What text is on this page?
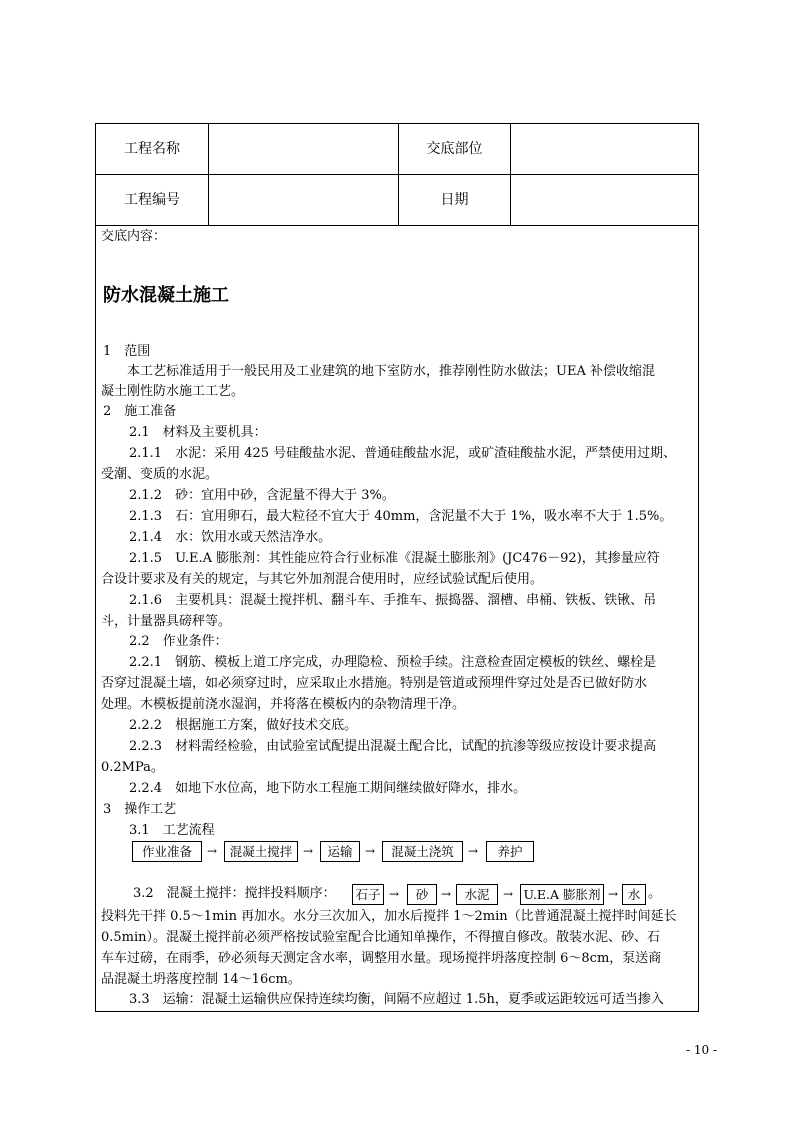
工程名称	交底部位
工程编号	日期
交底内容：
防水混凝土施工
1　范围
本工艺标准适用于一般民用及工业建筑的地下室防水，推荐刚性防水做法；UEA 补偿收缩混
凝土刚性防水施工工艺。
2　施工准备
2.1　材料及主要机具：
2.1.1　水泥：采用 425 号硅酸盐水泥、普通硅酸盐水泥，或矿渣硅酸盐水泥，严禁使用过期、
受潮、变质的水泥。
2.1.2　砂：宜用中砂，含泥量不得大于 3%。
2.1.3　石：宜用卵石，最大粒径不宜大于 40mm，含泥量不大于 1%，吸水率不大于 1.5%。
2.1.4　水：饮用水或天然洁净水。
2.1.5　U.E.A 膨胀剂：其性能应符合行业标准《混凝土膨胀剂》(JC476－92)，其掺量应符
合设计要求及有关的规定，与其它外加剂混合使用时，应经试验试配后使用。
2.1.6　主要机具：混凝土搅拌机、翻斗车、手推车、振捣器、溜槽、串桶、铁板、铁锹、吊
斗，计量器具磅秤等。
2.2　作业条件：
2.2.1　钢筋、模板上道工序完成，办理隐检、预检手续。注意检查固定模板的铁丝、螺栓是
否穿过混凝土墙，如必须穿过时，应采取止水措施。特别是管道或预埋件穿过处是否已做好防水
处理。木模板提前浇水湿润，并将落在模板内的杂物清理干净。
2.2.2　根据施工方案，做好技术交底。
2.2.3　材料需经检验，由试验室试配提出混凝土配合比，试配的抗渗等级应按设计要求提高
0.2MPa。
2.2.4　如地下水位高，地下防水工程施工期间继续做好降水，排水。
3　操作工艺
3.1　工艺流程
作业准备	→	混凝土搅拌 →	运输	→	混凝土浇筑	→	养护
3.2　混凝土搅拌：搅拌投料顺序： 石子 →	砂	→	水泥	→ U.E.A 膨胀剂 → 水 。
投料先干拌 0.5～1min 再加水。水分三次加入，加水后搅拌 1～2min（比普通混凝土搅拌时间延长
0.5min）。混凝土搅拌前必须严格按试验室配合比通知单操作，不得擅自修改。散装水泥、砂、石
车车过磅，在雨季，砂必须每天测定含水率，调整用水量。现场搅拌坍落度控制 6～8cm，泵送商
品混凝土坍落度控制 14～16cm。
3.3　运输：混凝土运输供应保持连续均衡，间隔不应超过 1.5h，夏季或运距较远可适当掺入
- 10 -
